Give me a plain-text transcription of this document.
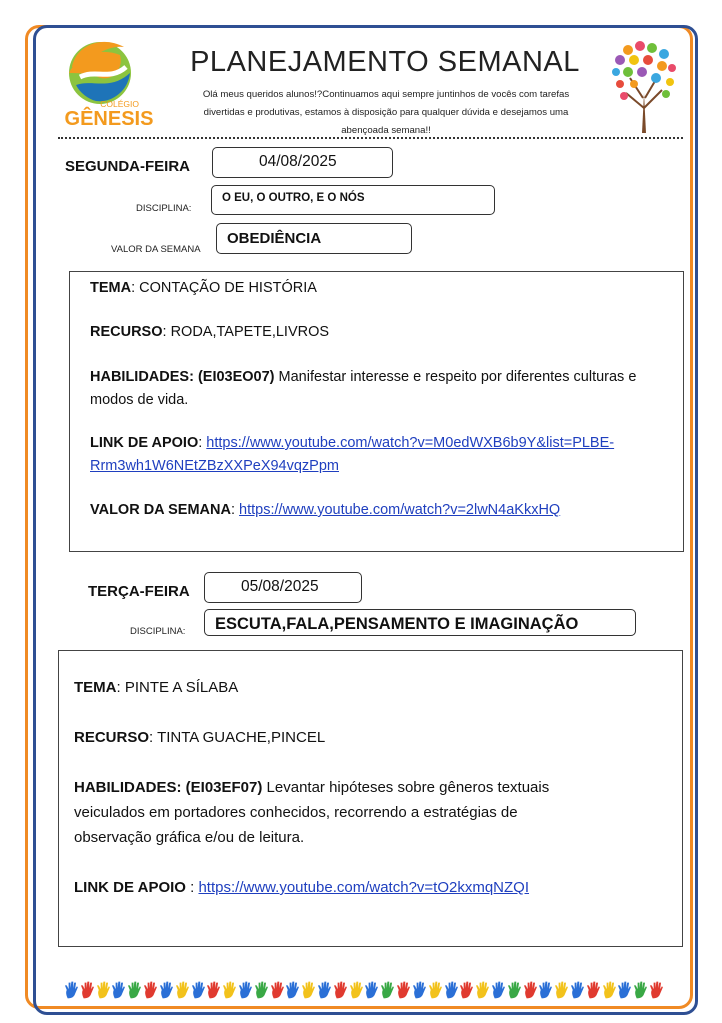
COLÉGIO
GÊNESIS
PLANEJAMENTO SEMANAL
Olá meus queridos alunos!?Continuamos aqui sempre juntinhos de vocês com tarefas
divertidas e produtivas, estamos à disposição para qualquer dúvida e desejamos uma
abençoada semana!!
SEGUNDA-FEIRA	04/08/2025
DISCIPLINA:
O EU, O OUTRO, E O NÓS
VALOR DA SEMANA
OBEDIÊNCIA
TEMA: CONTAÇÃO DE HISTÓRIA
RECURSO: RODA,TAPETE,LIVROS
HABILIDADES: (EI03EO07) Manifestar interesse e respeito por diferentes culturas e
modos de vida.
LINK DE APOIO: https://www.youtube.com/watch?v=M0edWXB6b9Y&list=PLBE-
Rrm3wh1W6NEtZBzXXPeX94vqzPpm
VALOR DA SEMANA: https://www.youtube.com/watch?v=2lwN4aKkxHQ
TERÇA-FEIRA	05/08/2025
DISCIPLINA: ESCUTA,FALA,PENSAMENTO E IMAGINAÇÃO
TEMA: PINTE A SÍLABA
RECURSO: TINTA GUACHE,PINCEL
HABILIDADES: (EI03EF07) Levantar hipóteses sobre gêneros textuais
veiculados em portadores conhecidos, recorrendo a estratégias de
observação gráfica e/ou de leitura.
LINK DE APOIO : https://www.youtube.com/watch?v=tO2kxmqNZQI
